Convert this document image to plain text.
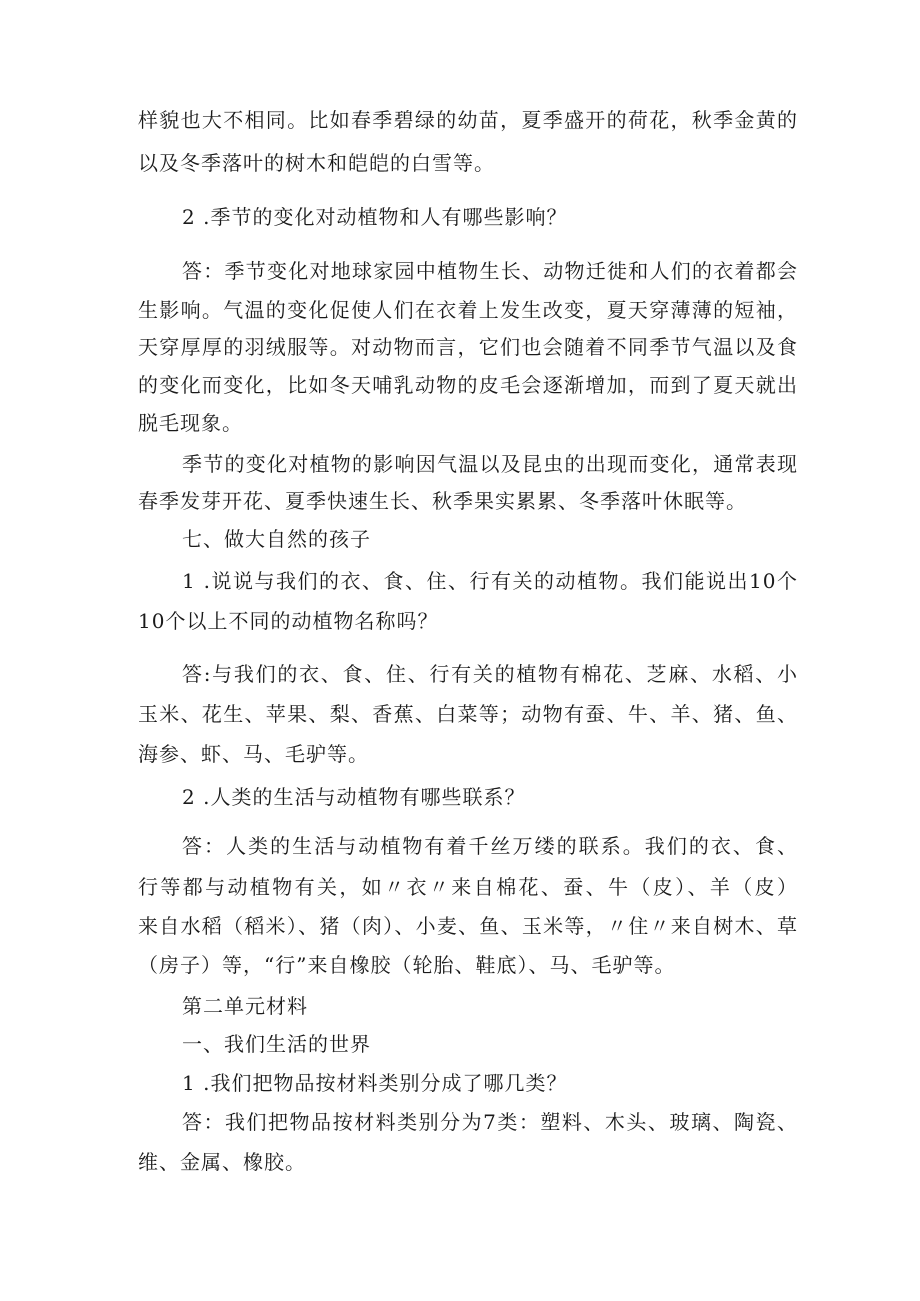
样貌也大不相同。比如春季碧绿的幼苗，夏季盛开的荷花，秋季金黄的
以及冬季落叶的树木和皑皑的白雪等。
2 .季节的变化对动植物和人有哪些影响？
答：季节变化对地球家园中植物生长、动物迁徙和人们的衣着都会
生影响。气温的变化促使人们在衣着上发生改变，夏天穿薄薄的短袖，
天穿厚厚的羽绒服等。对动物而言，它们也会随着不同季节气温以及食
的变化而变化，比如冬天哺乳动物的皮毛会逐渐增加，而到了夏天就出
脱毛现象。
季节的变化对植物的影响因气温以及昆虫的出现而变化，通常表现
春季发芽开花、夏季快速生长、秋季果实累累、冬季落叶休眠等。
七、做大自然的孩子
1 .说说与我们的衣、食、住、行有关的动植物。我们能说出10个
10个以上不同的动植物名称吗？
答:与我们的衣、食、住、行有关的植物有棉花、芝麻、水稻、小
玉米、花生、苹果、梨、香蕉、白菜等；动物有蚕、牛、羊、猪、鱼、
海参、虾、马、毛驴等。
2 .人类的生活与动植物有哪些联系？
答：人类的生活与动植物有着千丝万缕的联系。我们的衣、食、
行等都与动植物有关，如〃衣〃来自棉花、蚕、牛（皮）、羊（皮）
来自水稻（稻米）、猪（肉）、小麦、鱼、玉米等，〃住〃来自树木、草
（房子）等，“行”来自橡胶（轮胎、鞋底）、马、毛驴等。
第二单元材料
一、我们生活的世界
1 .我们把物品按材料类别分成了哪几类？
答：我们把物品按材料类别分为7类：塑料、木头、玻璃、陶瓷、
维、金属、橡胶。
